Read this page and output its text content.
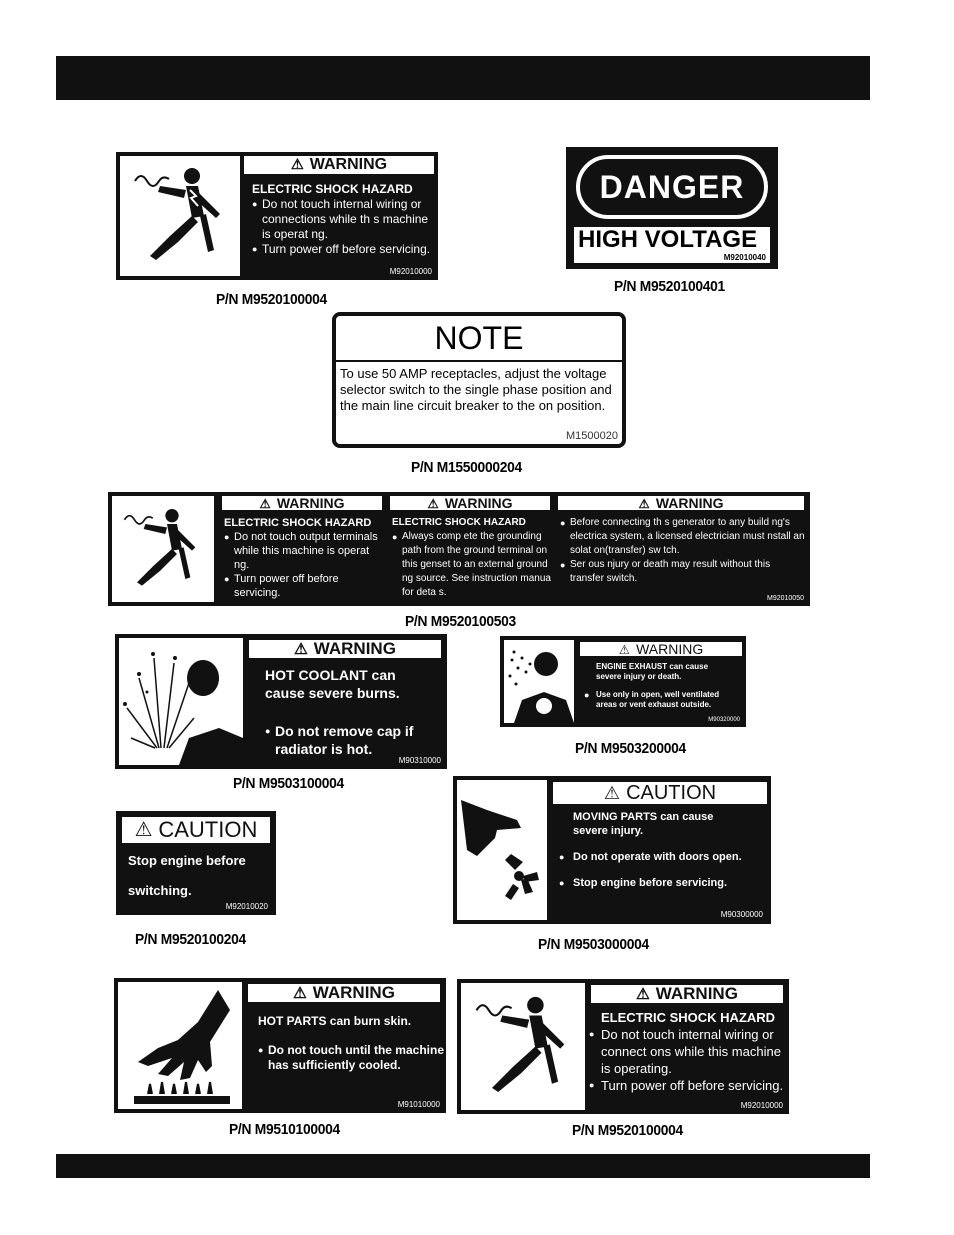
⚠ WARNING
ELECTRIC SHOCK HAZARD
● Do not touch internal wiring or connections while th s machine is operat ng.
● Turn power off before servicing.
M92010000
P/N M9520100004
DANGER
HIGH VOLTAGE
M92010040
P/N M9520100401
NOTE
To use 50 AMP receptacles, adjust the voltage selector switch to the single phase position and the main line circuit breaker to the on position.
M1500020
P/N M1550000204
⚠ WARNING	⚠ WARNING	⚠ WARNING
ELECTRIC SHOCK HAZARD
● Do not touch output terminals while this machine is operat ng.
● Turn power off before servicing.
ELECTRIC SHOCK HAZARD
● Always comp ete the grounding path from the ground terminal on this genset to an external ground ng source. See instruction manua for deta s.
● Before connecting th s generator to any build ng's electrica system, a licensed electrician must nstall an solat on(transfer) sw tch.
● Ser ous njury or death may result without this transfer switch.
M92010050
P/N M9520100503
⚠ WARNING
HOT COOLANT can cause severe burns.
● Do not remove cap if radiator is hot.
M90310000
P/N M9503100004
⚠ WARNING
ENGINE EXHAUST can cause severe injury or death.
● Use only in open, well ventilated areas or vent exhaust outside.
M90320000
P/N M9503200004
⚠ CAUTION
Stop engine before
switching.
M92010020
P/N M9520100204
⚠ CAUTION
MOVING PARTS can cause severe injury.
● Do not operate with doors open.
● Stop engine before servicing.
M90300000
P/N M9503000004
⚠ WARNING
HOT PARTS can burn skin.
● Do not touch until the machine has sufficiently cooled.
M91010000
P/N M9510100004
⚠ WARNING
ELECTRIC SHOCK HAZARD
● Do not touch internal wiring or connect ons while this machine is operating.
● Turn power off before servicing.
M92010000
P/N M9520100004
